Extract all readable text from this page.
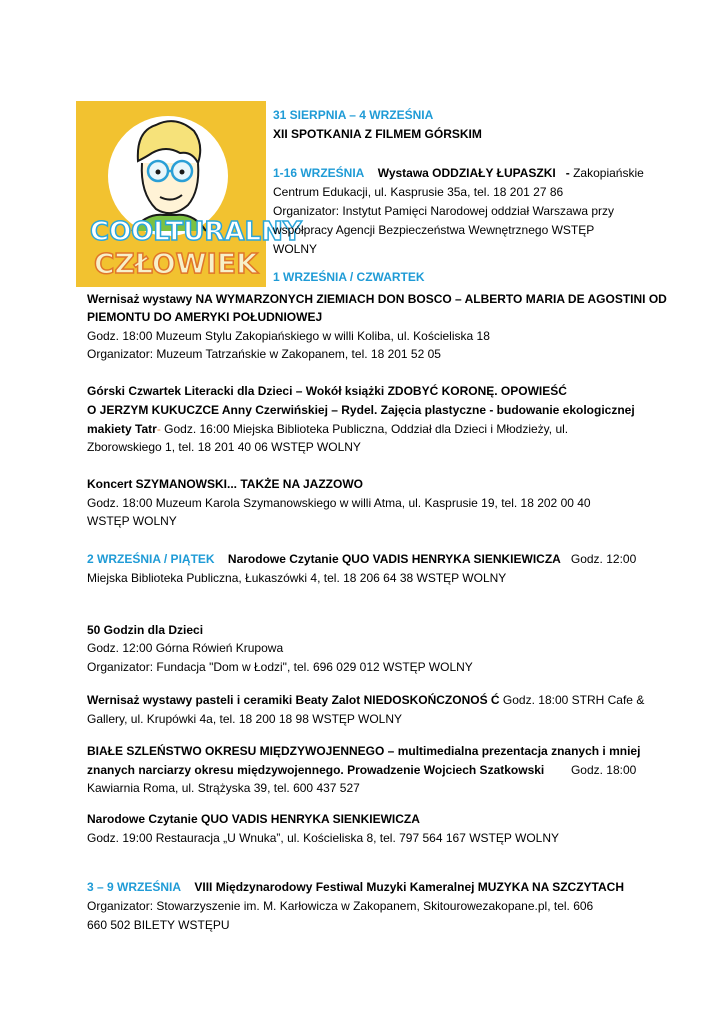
COOLTURALNY
CZŁOWIEK
31 SIERPNIA – 4 WRZEŚNIA
XII SPOTKANIA Z FILMEM GÓRSKIM
1-16 WRZEŚNIA Wystawa ODDZIAŁY ŁUPASZKI - Zakopiańskie
Centrum Edukacji, ul. Kasprusie 35a, tel. 18 201 27 86
Organizator: Instytut Pamięci Narodowej oddział Warszawa przy
współpracy Agencji Bezpieczeństwa Wewnętrznego WSTĘP
WOLNY
1 WRZEŚNIA / CZWARTEK
Wernisaż wystawy NA WYMARZONYCH ZIEMIACH DON BOSCO – ALBERTO MARIA DE AGOSTINI OD
PIEMONTU DO AMERYKI POŁUDNIOWEJ
Godz. 18:00 Muzeum Stylu Zakopiańskiego w willi Koliba, ul. Kościeliska 18
Organizator: Muzeum Tatrzańskie w Zakopanem, tel. 18 201 52 05
Górski Czwartek Literacki dla Dzieci – Wokół książki ZDOBYĆ KORONĘ. OPOWIEŚĆ
O JERZYM KUKUCZCE Anny Czerwińskiej – Rydel. Zajęcia plastyczne - budowanie ekologicznej
makiety Tatr- Godz. 16:00 Miejska Biblioteka Publiczna, Oddział dla Dzieci i Młodzieży, ul.
Zborowskiego 1, tel. 18 201 40 06 WSTĘP WOLNY
Koncert SZYMANOWSKI... TAKŻE NA JAZZOWO
Godz. 18:00 Muzeum Karola Szymanowskiego w willi Atma, ul. Kasprusie 19, tel. 18 202 00 40
WSTĘP WOLNY
2 WRZEŚNIA / PIĄTEK Narodowe Czytanie QUO VADIS HENRYKA SIENKIEWICZA Godz. 12:00
Miejska Biblioteka Publiczna, Łukaszówki 4, tel. 18 206 64 38 WSTĘP WOLNY
50 Godzin dla Dzieci
Godz. 12:00 Górna Rówień Krupowa
Organizator: Fundacja "Dom w Łodzi", tel. 696 029 012 WSTĘP WOLNY
Wernisaż wystawy pasteli i ceramiki Beaty Zalot NIEDOSKOŃCZONOŚ Ć Godz. 18:00 STRH Cafe &
Gallery, ul. Krupówki 4a, tel. 18 200 18 98 WSTĘP WOLNY
BIAŁE SZLEŃSTWO OKRESU MIĘDZYWOJENNEGO – multimedialna prezentacja znanych i mniej
znanych narciarzy okresu międzywojennego. Prowadzenie Wojciech Szatkowski Godz. 18:00
Kawiarnia Roma, ul. Strążyska 39, tel. 600 437 527
Narodowe Czytanie QUO VADIS HENRYKA SIENKIEWICZA
Godz. 19:00 Restauracja „U Wnuka”, ul. Kościeliska 8, tel. 797 564 167 WSTĘP WOLNY
3 – 9 WRZEŚNIA VIII Międzynarodowy Festiwal Muzyki Kameralnej MUZYKA NA SZCZYTACH
Organizator: Stowarzyszenie im. M. Karłowicza w Zakopanem, Skitourowezakopane.pl, tel. 606
660 502 BILETY WSTĘPU
